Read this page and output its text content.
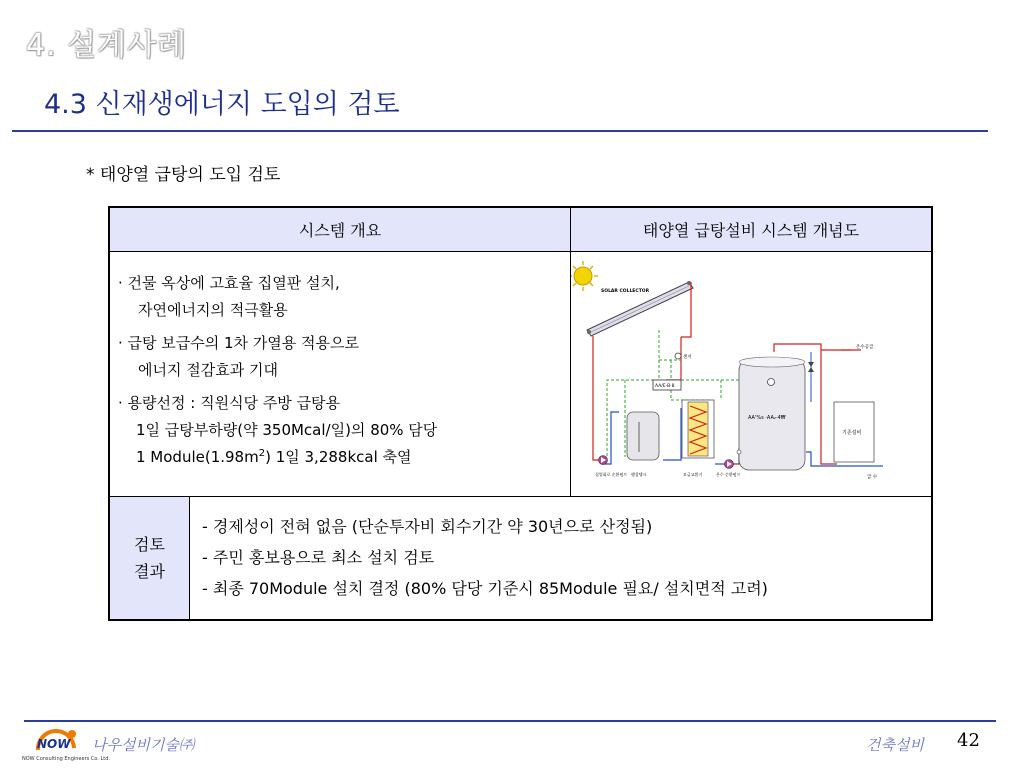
4. 설계사례
4.3 신재생에너지 도입의 검토
* 태양열 급탕의 도입 검토
시스템 개요	태양열 급탕설비 시스템 개념도
· 건물 옥상에 고효율 집열판 설치,
자연에너지의 적극활용
· 급탕 보급수의 1차 가열용 적용으로
에너지 절감효과 기대
· 용량선정 : 직원식당 주방 급탕용
1일 급탕부하량(약 350Mcal/일)의 80% 담당
1 $Module(1.98m^2)$ 1일 3,288kcal 축열
SOLAR COLLECTOR
센서
AA/E·B·8
AA'%s ·AA₂·4₩
기존설비
온수공급
집열회로 순환펌프 팽창탱크	보급교환기	온수 순환펌프
급 수
검토
결과
- 경제성이 전혀 없음 (단순투자비 회수기간 약 30년으로 산정됨)
- 주민 홍보용으로 최소 설치 검토
- 최종 70Module 설치 결정 (80% 담당 기준시 85Module 필요/ 설치면적 고려)
NOW
NOW Consulting Engineers Co. Ltd.
나우설비기술㈜	건축설비 42
